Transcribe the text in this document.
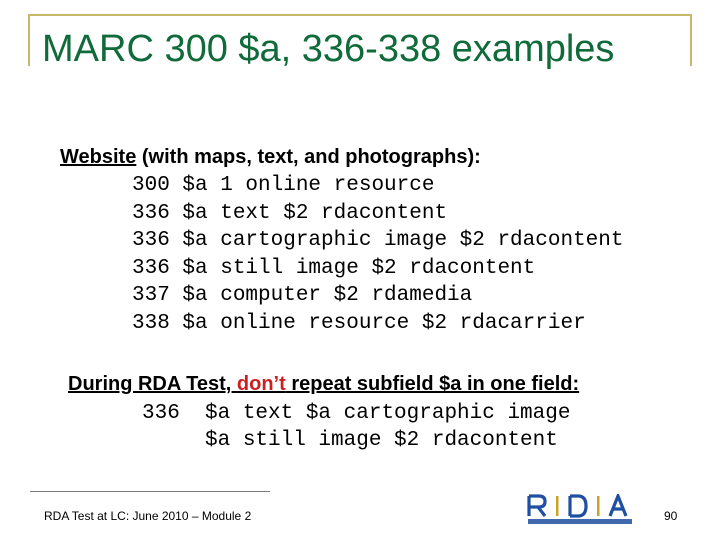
MARC 300 $a, 336-338 examples
Website (with maps, text, and photographs):
300 $a 1 online resource
336 $a text $2 rdacontent
336 $a cartographic image $2 rdacontent
336 $a still image $2 rdacontent
337 $a computer $2 rdamedia
338 $a online resource $2 rdacarrier
During RDA Test, don’t repeat subfield $a in one field:
336  $a text $a cartographic image
$a still image $2 rdacontent
RDA Test at LC: June 2010 – Module 2	90
